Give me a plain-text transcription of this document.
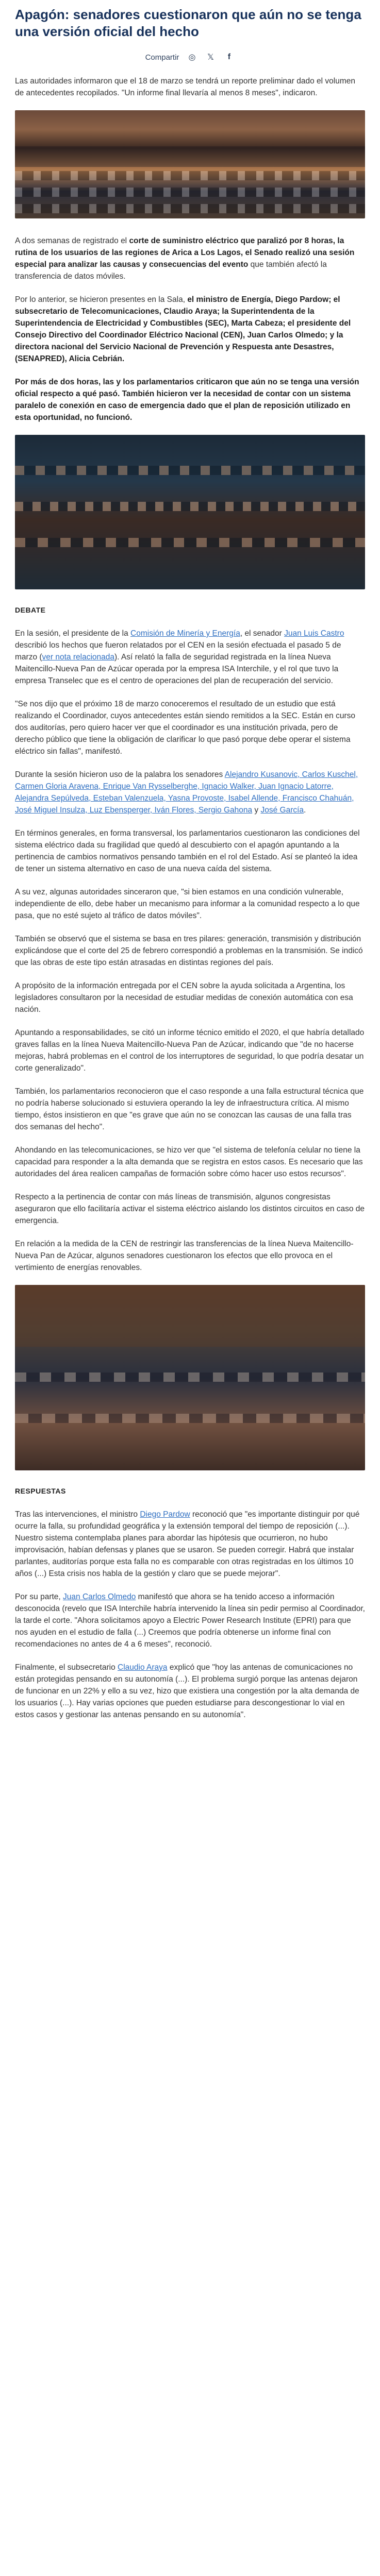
Apagón: senadores cuestionaron que aún no se tenga una versión oficial del hecho
Compartir ◎ 𝕏	f

Las autoridades informaron que el 18 de marzo se tendrá un reporte preliminar dado el volumen de antecedentes recopilados. "Un informe final llevaría al menos 8 meses", indicaron.

A dos semanas de registrado el corte de suministro eléctrico que paralizó por 8 horas, la rutina de los usuarios de las regiones de Arica a Los Lagos, el Senado realizó una sesión especial para analizar las causas y consecuencias del evento que también afectó la transferencia de datos móviles.

Por lo anterior, se hicieron presentes en la Sala, el ministro de Energía, Diego Pardow; el subsecretario de Telecomunicaciones, Claudio Araya; la Superintendenta de la Superintendencia de Electricidad y Combustibles (SEC), Marta Cabeza; el presidente del Consejo Directivo del Coordinador Eléctrico Nacional (CEN), Juan Carlos Olmedo; y la directora nacional del Servicio Nacional de Prevención y Respuesta ante Desastres, (SENAPRED), Alicia Cebrián.

Por más de dos horas, las y los parlamentarios criticaron que aún no se tenga una versión oficial respecto a qué pasó. También hicieron ver la necesidad de contar con un sistema paralelo de conexión en caso de emergencia dado que el plan de reposición utilizado en esta oportunidad, no funcionó.

DEBATE

En la sesión, el presidente de la Comisión de Minería y Energía, el senador Juan Luis Castro describió los hechos que fueron relatados por el CEN en la sesión efectuada el pasado 5 de marzo (ver nota relacionada). Así relató la falla de seguridad registrada en la línea Nueva Maitencillo-Nueva Pan de Azúcar operada por la empresa ISA Interchile, y el rol que tuvo la empresa Transelec que es el centro de operaciones del plan de recuperación del servicio.

"Se nos dijo que el próximo 18 de marzo conoceremos el resultado de un estudio que está realizando el Coordinador, cuyos antecedentes están siendo remitidos a la SEC. Están en curso dos auditorías, pero quiero hacer ver que el coordinador es una institución privada, pero de derecho público que tiene la obligación de clarificar lo que pasó porque debe operar el sistema eléctrico sin fallas", manifestó.

Durante la sesión hicieron uso de la palabra los senadores Alejandro Kusanovic, Carlos Kuschel, Carmen Gloria Aravena, Enrique Van Rysselberghe, Ignacio Walker, Juan Ignacio Latorre, Alejandra Sepúlveda, Esteban Valenzuela, Yasna Provoste, Isabel Allende, Francisco Chahuán, José Miguel Insulza, Luz Ebensperger, Iván Flores, Sergio Gahona y José García.

En términos generales, en forma transversal, los parlamentarios cuestionaron las condiciones del sistema eléctrico dada su fragilidad que quedó al descubierto con el apagón apuntando a la pertinencia de cambios normativos pensando también en el rol del Estado. Así se planteó la idea de tener un sistema alternativo en caso de una nueva caída del sistema.

A su vez, algunas autoridades sinceraron que, "si bien estamos en una condición vulnerable, independiente de ello, debe haber un mecanismo para informar a la comunidad respecto a lo que pasa, que no esté sujeto al tráfico de datos móviles".

También se observó que el sistema se basa en tres pilares: generación, transmisión y distribución explicándose que el corte del 25 de febrero correspondió a problemas en la transmisión. Se indicó que las obras de este tipo están atrasadas en distintas regiones del país.

A propósito de la información entregada por el CEN sobre la ayuda solicitada a Argentina, los legisladores consultaron por la necesidad de estudiar medidas de conexión automática con esa nación.

Apuntando a responsabilidades, se citó un informe técnico emitido el 2020, el que habría detallado graves fallas en la línea Nueva Maitencillo-Nueva Pan de Azúcar, indicando que "de no hacerse mejoras, habrá problemas en el control de los interruptores de seguridad, lo que podría desatar un corte generalizado".

También, los parlamentarios reconocieron que el caso responde a una falla estructural técnica que no podría haberse solucionado si estuviera operando la ley de infraestructura crítica. Al mismo tiempo, éstos insistieron en que "es grave que aún no se conozcan las causas de una falla tras dos semanas del hecho".

Ahondando en las telecomunicaciones, se hizo ver que "el sistema de telefonía celular no tiene la capacidad para responder a la alta demanda que se registra en estos casos. Es necesario que las autoridades del área realicen campañas de formación sobre cómo hacer uso estos recursos".

Respecto a la pertinencia de contar con más líneas de transmisión, algunos congresistas aseguraron que ello facilitaría activar el sistema eléctrico aislando los distintos circuitos en caso de emergencia.

En relación a la medida de la CEN de restringir las transferencias de la línea Nueva Maitencillo-Nueva Pan de Azúcar, algunos senadores cuestionaron los efectos que ello provoca en el vertimiento de energías renovables.

RESPUESTAS

Tras las intervenciones, el ministro Diego Pardow reconoció que "es importante distinguir por qué ocurre la falla, su profundidad geográfica y la extensión temporal del tiempo de reposición (...). Nuestro sistema contemplaba planes para abordar las hipótesis que ocurrieron, no hubo improvisación, habían defensas y planes que se usaron. Se pueden corregir. Habrá que instalar parlantes, auditorías porque esta falla no es comparable con otras registradas en los últimos 10 años (...) Esta crisis nos habla de la gestión y claro que se puede mejorar".

Por su parte, Juan Carlos Olmedo manifestó que ahora se ha tenido acceso a información desconocida (revelo que ISA Interchile habría intervenido la línea sin pedir permiso al Coordinador, la tarde el corte. "Ahora solicitamos apoyo a Electric Power Research Institute (EPRI) para que nos ayuden en el estudio de falla (...) Creemos que podría obtenerse un informe final con recomendaciones no antes de 4 a 6 meses", reconoció.

Finalmente, el subsecretario Claudio Araya explicó que "hoy las antenas de comunicaciones no están protegidas pensando en su autonomía (...). El problema surgió porque las antenas dejaron de funcionar en un 22% y ello a su vez, hizo que existiera una congestión por la alta demanda de los usuarios (...). Hay varias opciones que pueden estudiarse para descongestionar lo vial en estos casos y gestionar las antenas pensando en su autonomía".
